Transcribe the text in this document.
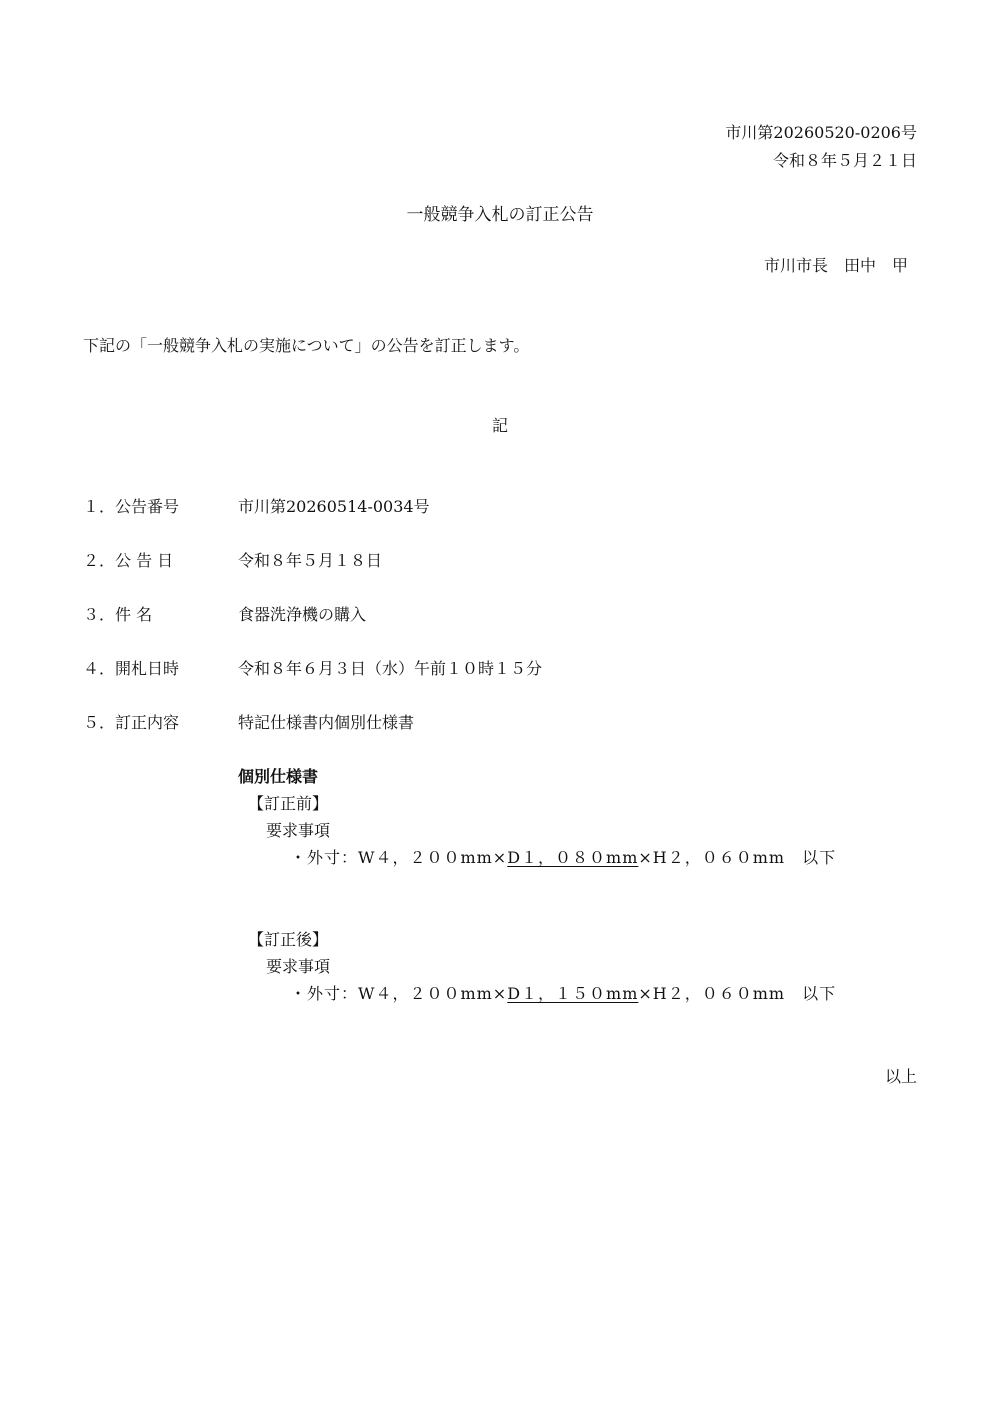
市川第20260520-0206号
令和８年５月２１日
一般競争入札の訂正公告
市川市長　田中　甲
下記の「一般競争入札の実施について」の公告を訂正します。
記
１．公告番号	市川第20260514-0034号
２．公 告 日	令和８年５月１８日
３．件 名	食器洗浄機の購入
４．開札日時	令和８年６月３日（水）午前１０時１５分
５．訂正内容	特記仕様書内個別仕様書
個別仕様書
【訂正前】
要求事項
・外寸：W４，２００mm×D１，０８０mm×H２，０６０mm　以下
【訂正後】
要求事項
・外寸：W４，２００mm×D１，１５０mm×H２，０６０mm　以下
以上
